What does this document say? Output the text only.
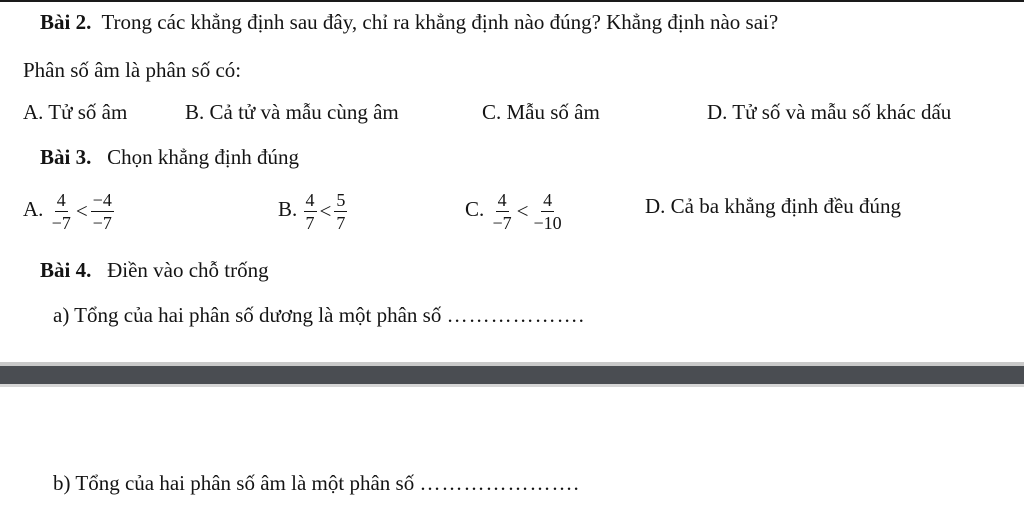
Bài 2. Trong các khẳng định sau đây, chỉ ra khẳng định nào đúng? Khẳng định nào sai?
Phân số âm là phân số có:
A. Tử số âm	B. Cả tử và mẫu cùng âm	C. Mẫu số âm	D. Tử số và mẫu số khác dấu
Bài 3. Chọn khẳng định đúng
A. $\frac{4}{-7} < \frac{-4}{-7}$	B. $\frac{4}{7} < \frac{5}{7}$	C. $\frac{4}{-7} < \frac{4}{-10}$	D. Cả ba khẳng định đều đúng
Bài 4. Điền vào chỗ trống
a) Tổng của hai phân số dương là một phân số ……………….
b) Tổng của hai phân số âm là một phân số ………………….
